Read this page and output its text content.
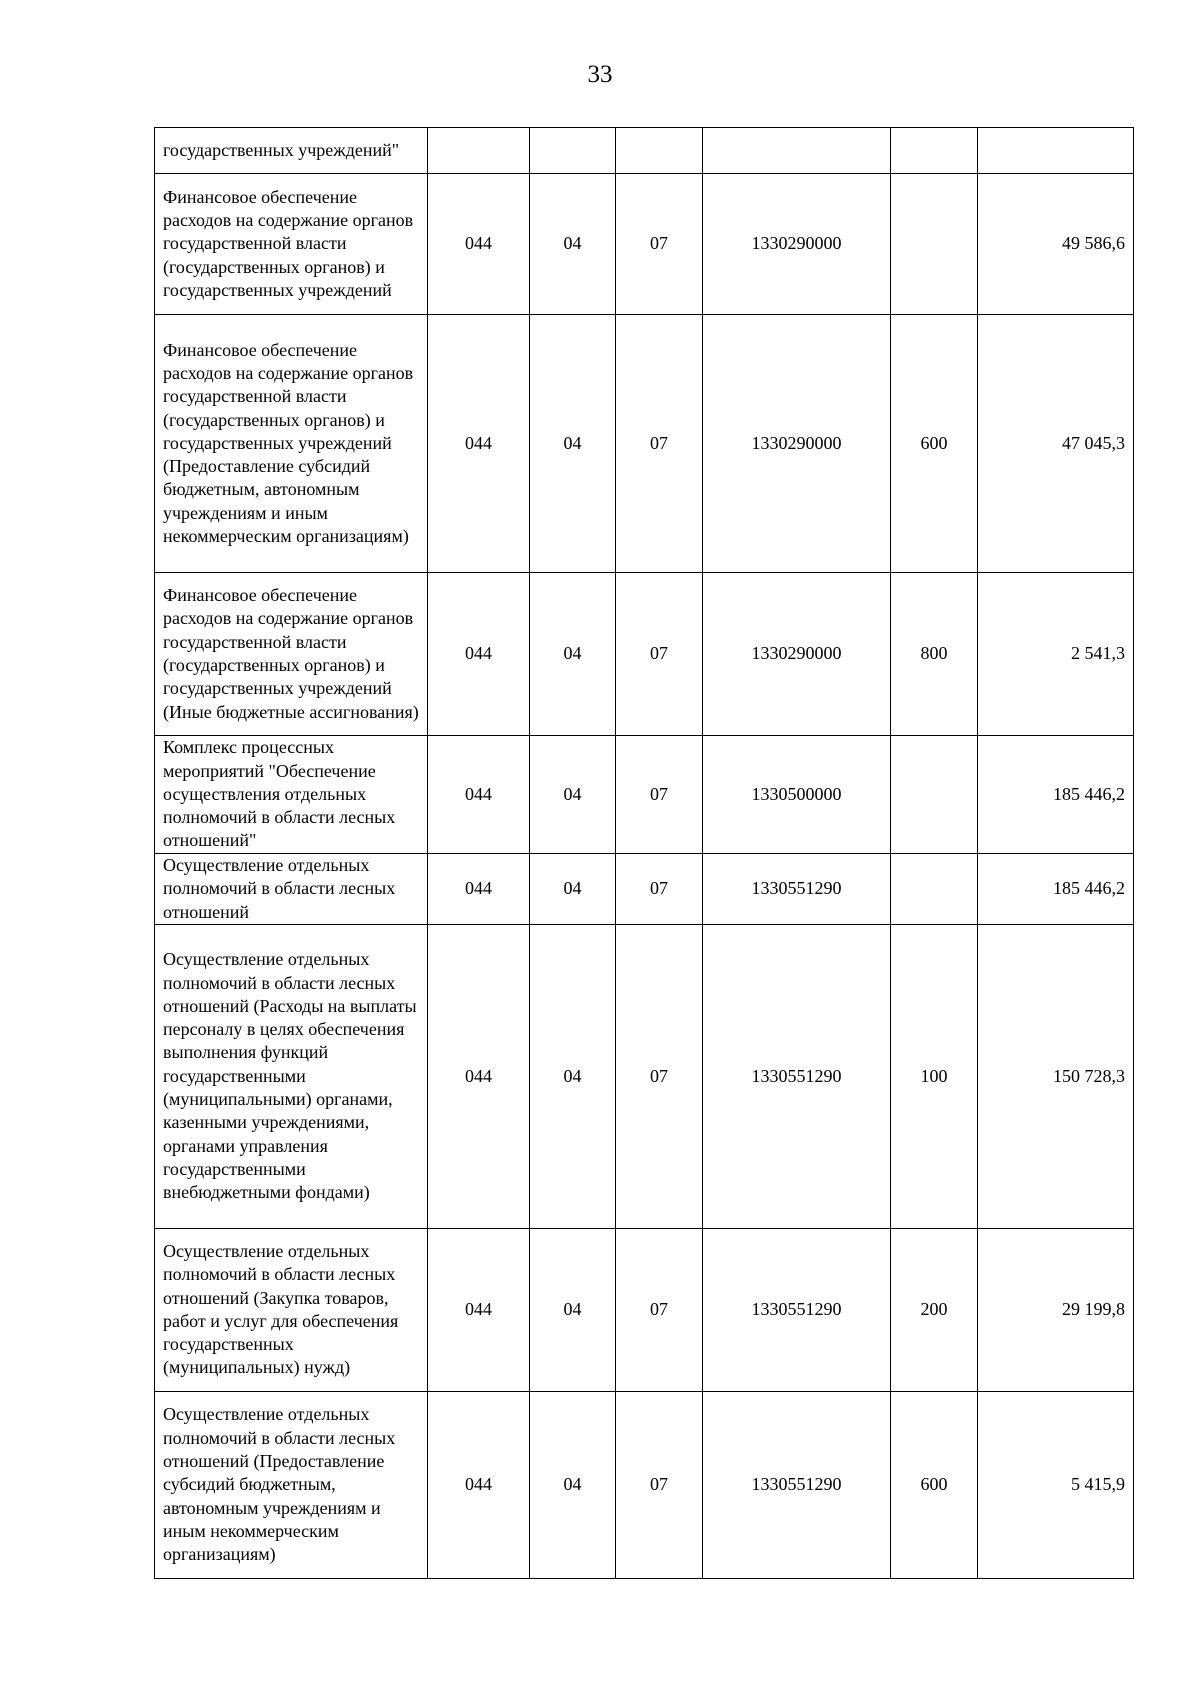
33
государственных учреждений"						
Финансовое обеспечение расходов на содержание органов государственной власти (государственных органов) и государственных учреждений	044	04	07	1330290000		49 586,6
Финансовое обеспечение расходов на содержание органов государственной власти (государственных органов) и государственных учреждений (Предоставление субсидий бюджетным, автономным учреждениям и иным некоммерческим организациям)	044	04	07	1330290000	600	47 045,3
Финансовое обеспечение расходов на содержание органов государственной власти (государственных органов) и государственных учреждений (Иные бюджетные ассигнования)	044	04	07	1330290000	800	2 541,3
Комплекс процессных мероприятий "Обеспечение осуществления отдельных полномочий в области лесных отношений"	044	04	07	1330500000		185 446,2
Осуществление отдельных полномочий в области лесных отношений	044	04	07	1330551290		185 446,2
Осуществление отдельных полномочий в области лесных отношений (Расходы на выплаты персоналу в целях обеспечения выполнения функций государственными (муниципальными) органами, казенными учреждениями, органами управления государственными внебюджетными фондами)	044	04	07	1330551290	100	150 728,3
Осуществление отдельных полномочий в области лесных отношений (Закупка товаров, работ и услуг для обеспечения государственных (муниципальных) нужд)	044	04	07	1330551290	200	29 199,8
Осуществление отдельных полномочий в области лесных отношений (Предоставление субсидий бюджетным, автономным учреждениям и иным некоммерческим организациям)	044	04	07	1330551290	600	5 415,9
